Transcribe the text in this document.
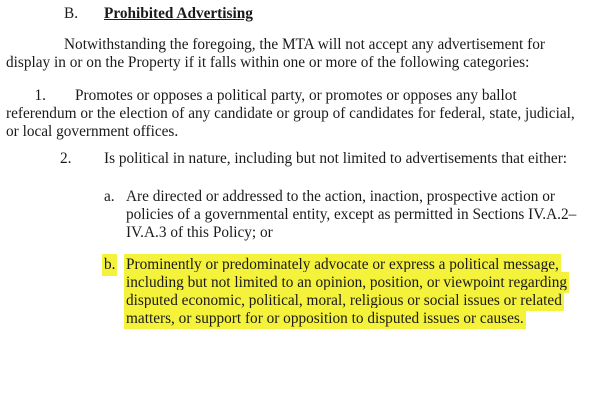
B. Prohibited Advertising
Notwithstanding the foregoing, the MTA will not accept any advertisement for display in or on the Property if it falls within one or more of the following categories:
1. Promotes or opposes a political party, or promotes or opposes any ballot referendum or the election of any candidate or group of candidates for federal, state, judicial, or local government offices.
2. Is political in nature, including but not limited to advertisements that either:
a. Are directed or addressed to the action, inaction, prospective action or policies of a governmental entity, except as permitted in Sections IV.A.2–IV.A.3 of this Policy; or
b. Prominently or predominately advocate or express a political message, including but not limited to an opinion, position, or viewpoint regarding disputed economic, political, moral, religious or social issues or related matters, or support for or opposition to disputed issues or causes.
